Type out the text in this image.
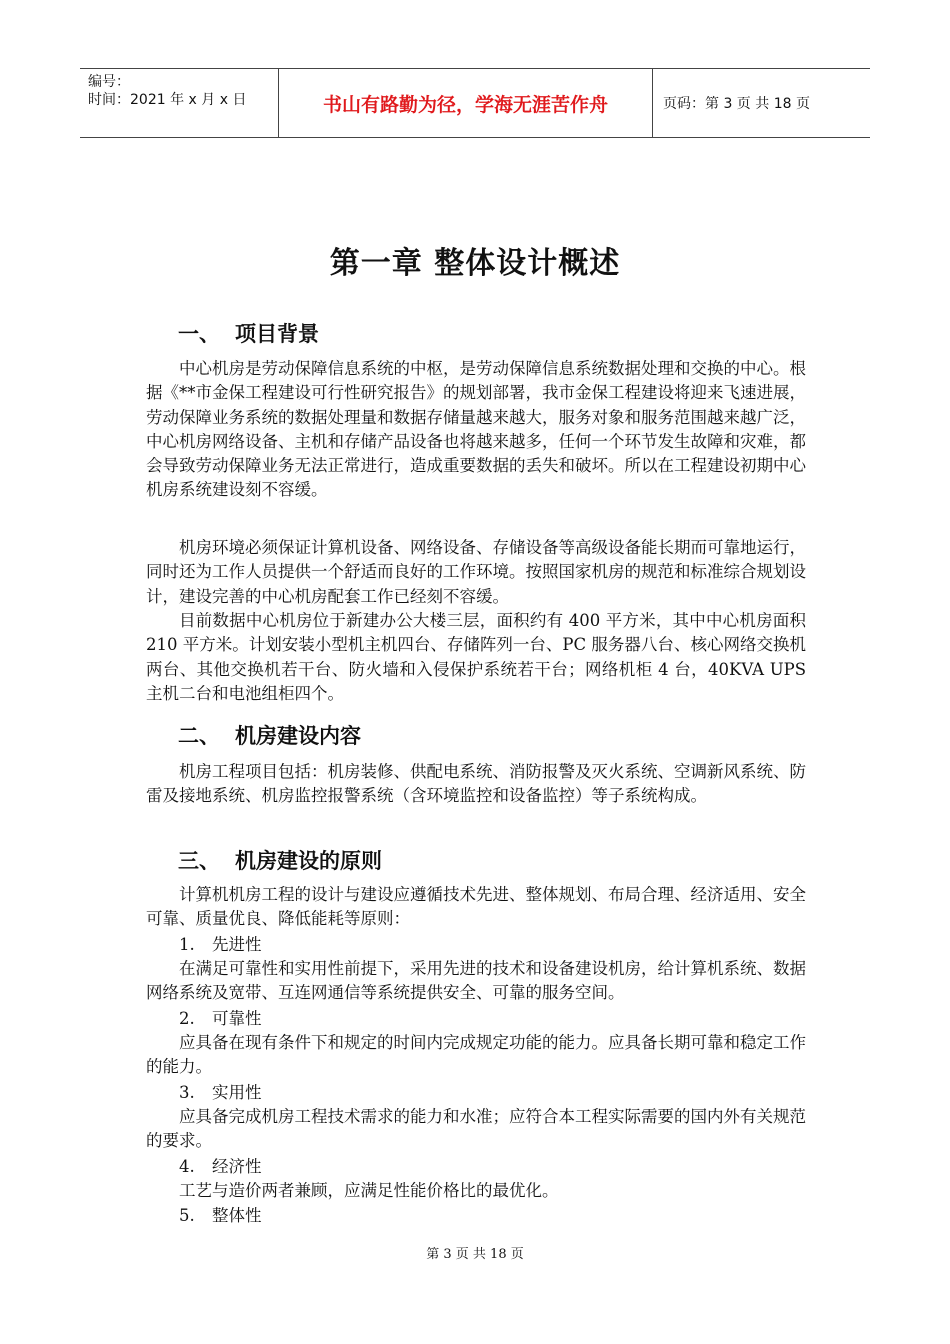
编号：
时间：2021 年 x 月 x 日	书山有路勤为径，学海无涯苦作舟	页码：第 3 页 共 18 页
第一章 整体设计概述
一、 项目背景

中心机房是劳动保障信息系统的中枢，是劳动保障信息系统数据处理和交换的中心。根据《**市金保工程建设可行性研究报告》的规划部署，我市金保工程建设将迎来飞速进展，劳动保障业务系统的数据处理量和数据存储量越来越大，服务对象和服务范围越来越广泛，中心机房网络设备、主机和存储产品设备也将越来越多，任何一个环节发生故障和灾难，都会导致劳动保障业务无法正常进行，造成重要数据的丢失和破坏。所以在工程建设初期中心机房系统建设刻不容缓。

机房环境必须保证计算机设备、网络设备、存储设备等高级设备能长期而可靠地运行，同时还为工作人员提供一个舒适而良好的工作环境。按照国家机房的规范和标准综合规划设计，建设完善的中心机房配套工作已经刻不容缓。

目前数据中心机房位于新建办公大楼三层，面积约有 400 平方米，其中中心机房面积 210 平方米。计划安装小型机主机四台、存储阵列一台、PC 服务器八台、核心网络交换机两台、其他交换机若干台、防火墙和入侵保护系统若干台；网络机柜 4 台，40KVA UPS 主机二台和电池组柜四个。

二、 机房建设内容

机房工程项目包括：机房装修、供配电系统、消防报警及灭火系统、空调新风系统、防雷及接地系统、机房监控报警系统（含环境监控和设备监控）等子系统构成。

三、 机房建设的原则

计算机机房工程的设计与建设应遵循技术先进、整体规划、布局合理、经济适用、安全可靠、质量优良、降低能耗等原则：

1. 先进性

在满足可靠性和实用性前提下，采用先进的技术和设备建设机房，给计算机系统、数据网络系统及宽带、互连网通信等系统提供安全、可靠的服务空间。

2. 可靠性

应具备在现有条件下和规定的时间内完成规定功能的能力。应具备长期可靠和稳定工作的能力。

3. 实用性

应具备完成机房工程技术需求的能力和水准；应符合本工程实际需要的国内外有关规范的要求。

4. 经济性

工艺与造价两者兼顾，应满足性能价格比的最优化。

5. 整体性
第 3 页 共 18 页
